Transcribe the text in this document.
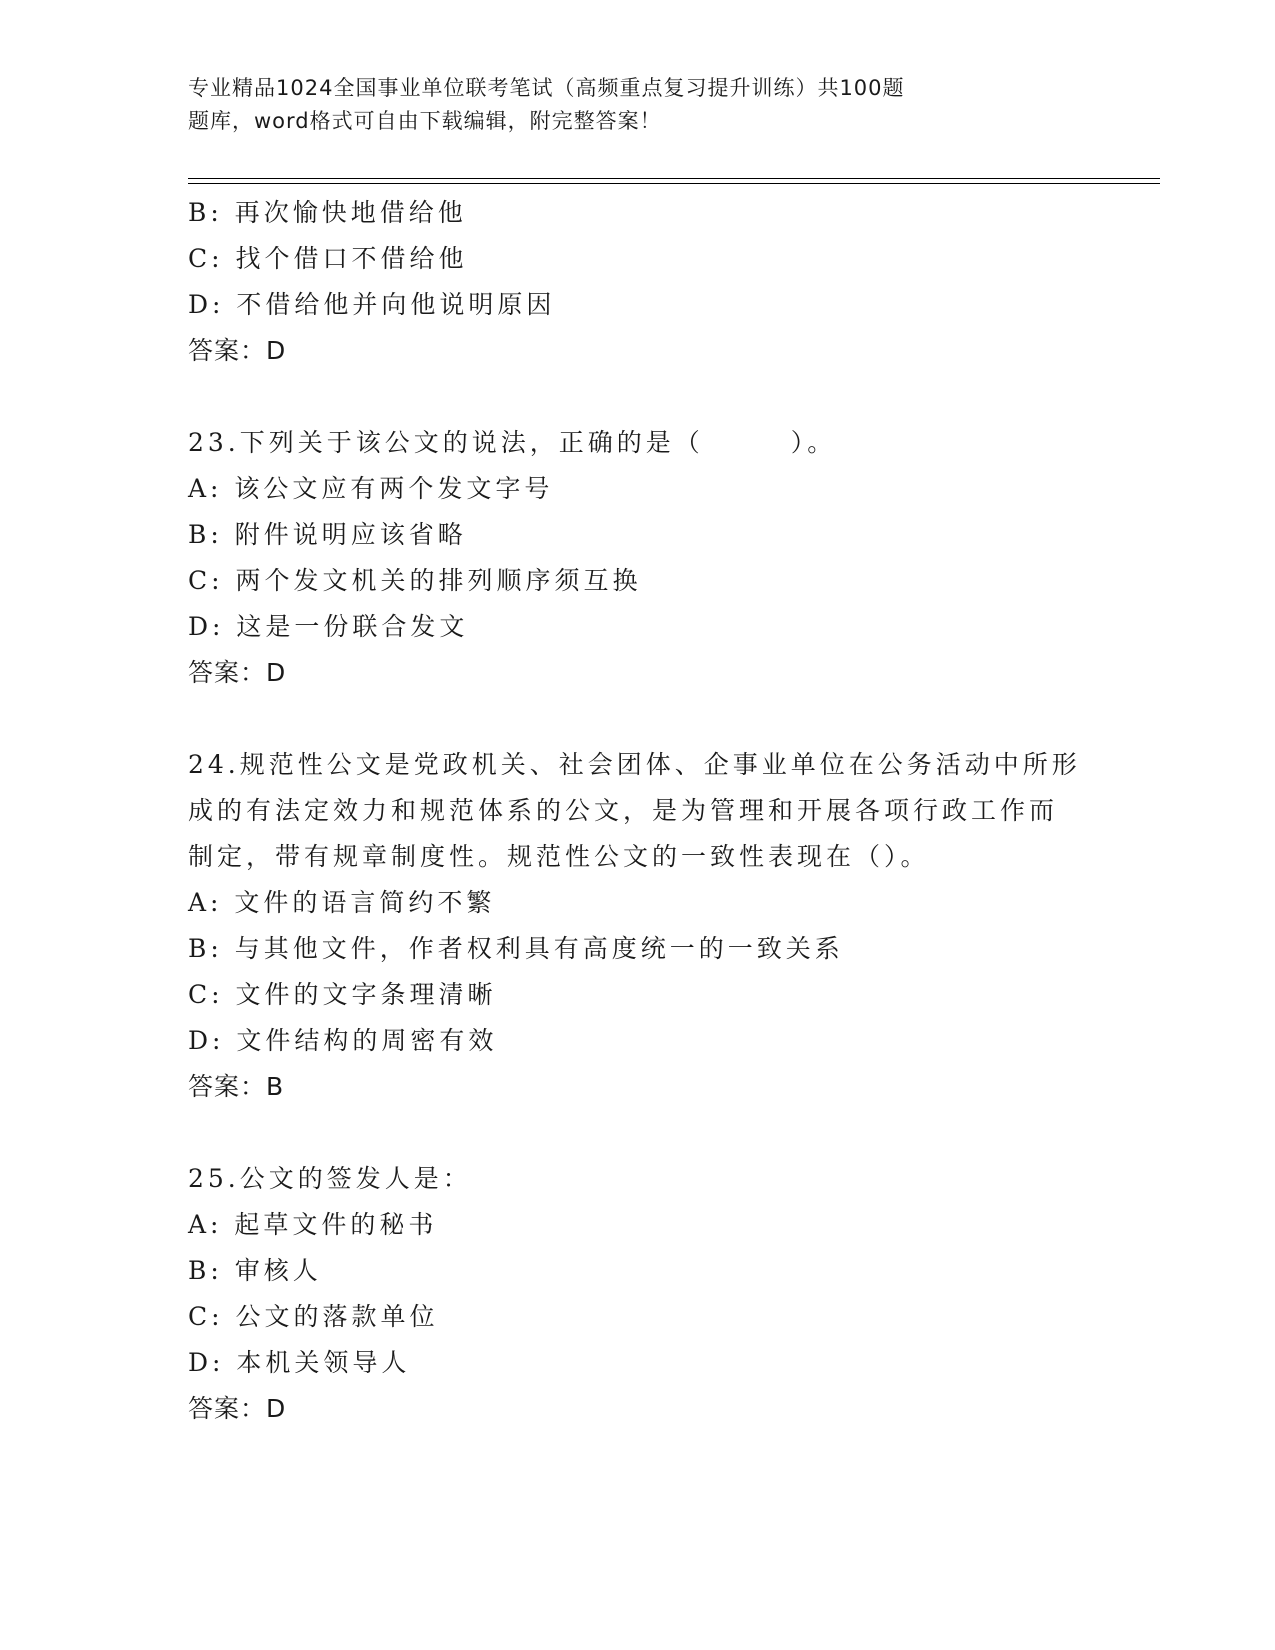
专业精品1024全国事业单位联考笔试（高频重点复习提升训练）共100题
题库，word格式可自由下载编辑，附完整答案！
B: 再次愉快地借给他
C: 找个借口不借给他
D: 不借给他并向他说明原因
答案：D
23.下列关于该公文的说法，正确的是（　　　）。
A: 该公文应有两个发文字号
B: 附件说明应该省略
C: 两个发文机关的排列顺序须互换
D: 这是一份联合发文
答案：D
24.规范性公文是党政机关、社会团体、企事业单位在公务活动中所形
成的有法定效力和规范体系的公文，是为管理和开展各项行政工作而
制定，带有规章制度性。规范性公文的一致性表现在（）。
A: 文件的语言简约不繁
B: 与其他文件，作者权利具有高度统一的一致关系
C: 文件的文字条理清晰
D: 文件结构的周密有效
答案：B
25.公文的签发人是：
A: 起草文件的秘书
B: 审核人
C: 公文的落款单位
D: 本机关领导人
答案：D
